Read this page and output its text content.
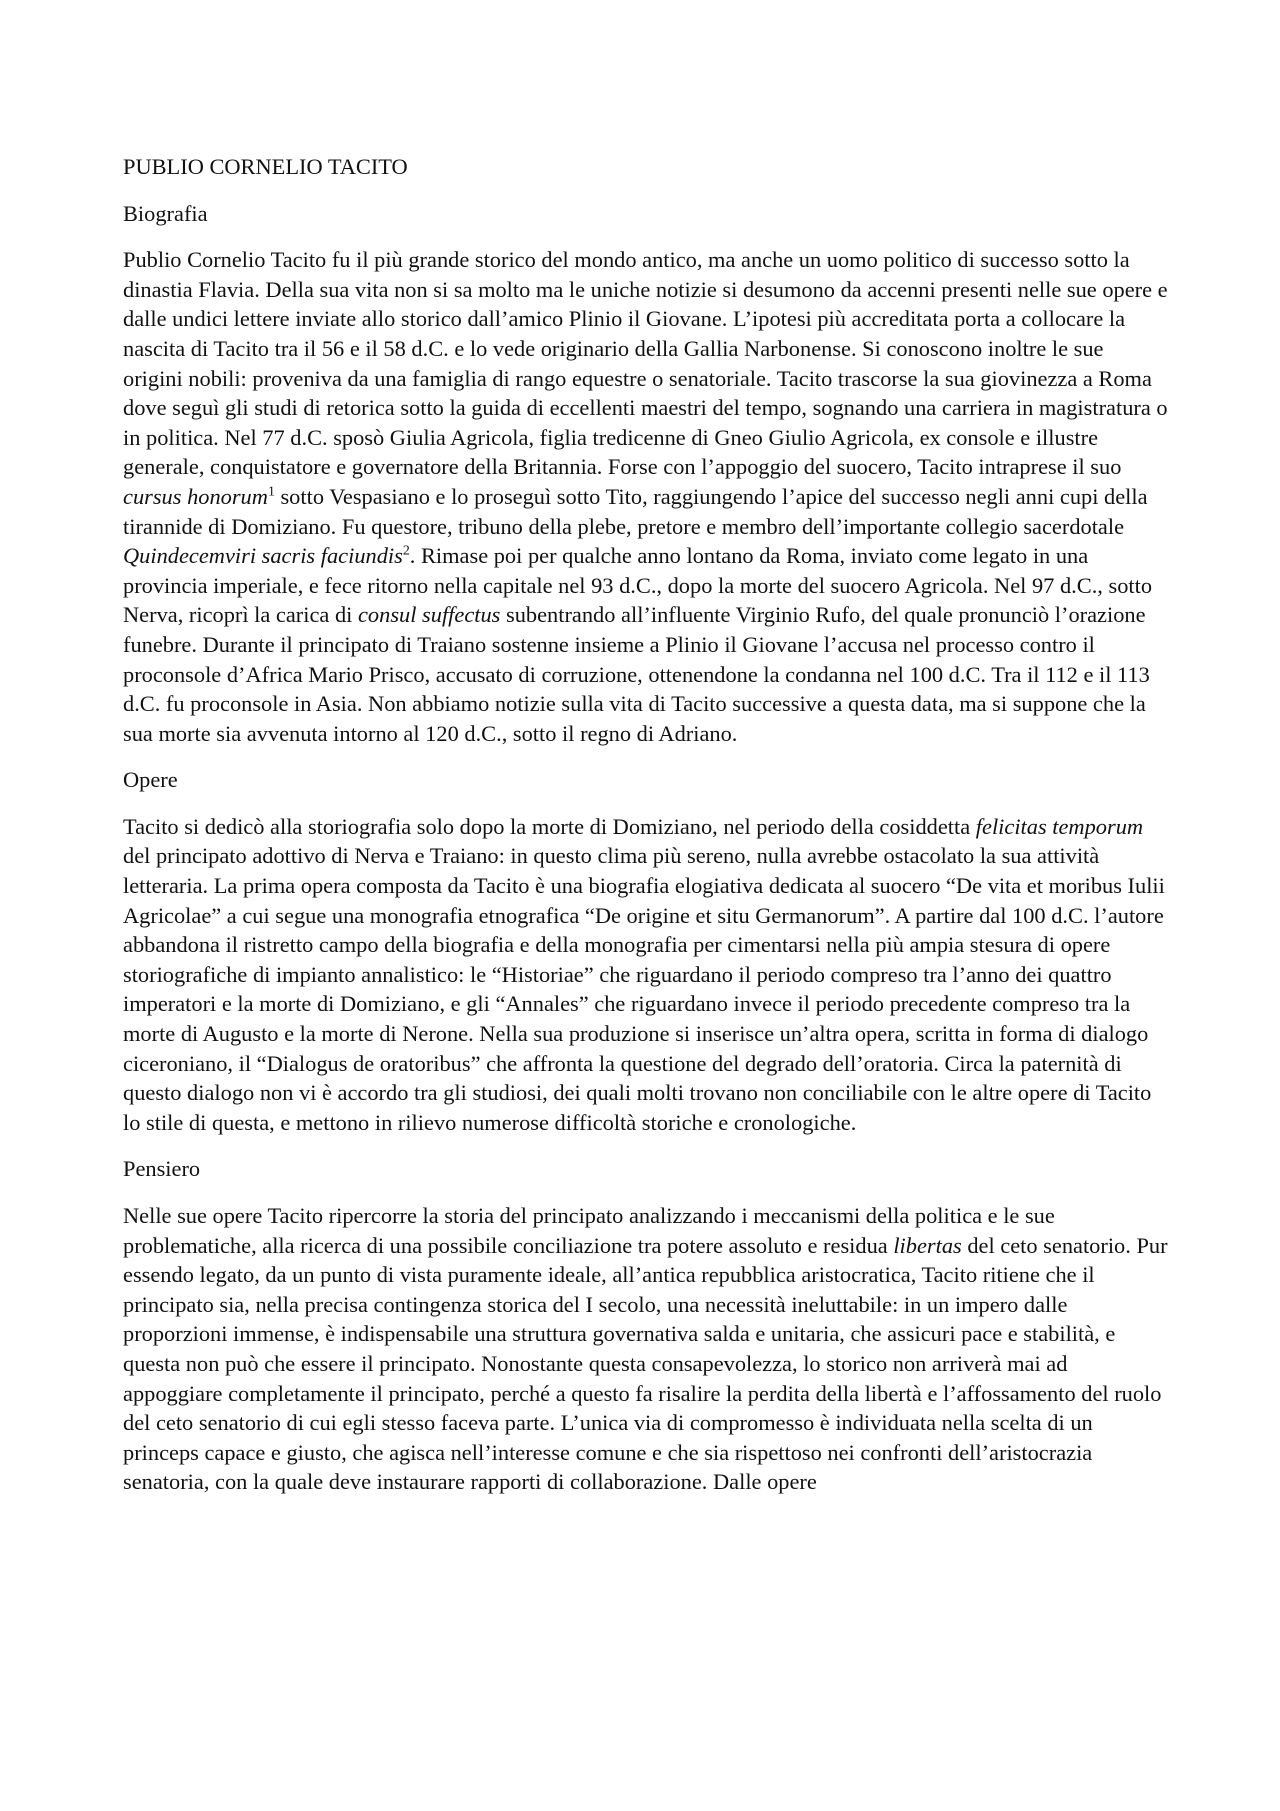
PUBLIO CORNELIO TACITO

Biografia

Publio Cornelio Tacito fu il più grande storico del mondo antico, ma anche un uomo politico di successo sotto la dinastia Flavia. Della sua vita non si sa molto ma le uniche notizie si desumono da accenni presenti nelle sue opere e dalle undici lettere inviate allo storico dall’amico Plinio il Giovane. L’ipotesi più accreditata porta a collocare la nascita di Tacito tra il 56 e il 58 d.C. e lo vede originario della Gallia Narbonense. Si conoscono inoltre le sue origini nobili: proveniva da una famiglia di rango equestre o senatoriale. Tacito trascorse la sua giovinezza a Roma dove seguì gli studi di retorica sotto la guida di eccellenti maestri del tempo, sognando una carriera in magistratura o in politica. Nel 77 d.C. sposò Giulia Agricola, figlia tredicenne di Gneo Giulio Agricola, ex console e illustre generale, conquistatore e governatore della Britannia. Forse con l’appoggio del suocero, Tacito intraprese il suo cursus honorum$^1$ sotto Vespasiano e lo proseguì sotto Tito, raggiungendo l’apice del successo negli anni cupi della tirannide di Domiziano. Fu questore, tribuno della plebe, pretore e membro dell’importante collegio sacerdotale Quindecemviri sacris faciundis$^2$. Rimase poi per qualche anno lontano da Roma, inviato come legato in una provincia imperiale, e fece ritorno nella capitale nel 93 d.C., dopo la morte del suocero Agricola. Nel 97 d.C., sotto Nerva, ricoprì la carica di consul suffectus subentrando all’influente Virginio Rufo, del quale pronunciò l’orazione funebre. Durante il principato di Traiano sostenne insieme a Plinio il Giovane l’accusa nel processo contro il proconsole d’Africa Mario Prisco, accusato di corruzione, ottenendone la condanna nel 100 d.C. Tra il 112 e il 113 d.C. fu proconsole in Asia. Non abbiamo notizie sulla vita di Tacito successive a questa data, ma si suppone che la sua morte sia avvenuta intorno al 120 d.C., sotto il regno di Adriano.

Opere

Tacito si dedicò alla storiografia solo dopo la morte di Domiziano, nel periodo della cosiddetta felicitas temporum del principato adottivo di Nerva e Traiano: in questo clima più sereno, nulla avrebbe ostacolato la sua attività letteraria. La prima opera composta da Tacito è una biografia elogiativa dedicata al suocero “De vita et moribus Iulii Agricolae” a cui segue una monografia etnografica “De origine et situ Germanorum”. A partire dal 100 d.C. l’autore abbandona il ristretto campo della biografia e della monografia per cimentarsi nella più ampia stesura di opere storiografiche di impianto annalistico: le “Historiae” che riguardano il periodo compreso tra l’anno dei quattro imperatori e la morte di Domiziano, e gli “Annales” che riguardano invece il periodo precedente compreso tra la morte di Augusto e la morte di Nerone. Nella sua produzione si inserisce un’altra opera, scritta in forma di dialogo ciceroniano, il “Dialogus de oratoribus” che affronta la questione del degrado dell’oratoria. Circa la paternità di questo dialogo non vi è accordo tra gli studiosi, dei quali molti trovano non conciliabile con le altre opere di Tacito lo stile di questa, e mettono in rilievo numerose difficoltà storiche e cronologiche.

Pensiero

Nelle sue opere Tacito ripercorre la storia del principato analizzando i meccanismi della politica e le sue problematiche, alla ricerca di una possibile conciliazione tra potere assoluto e residua libertas del ceto senatorio. Pur essendo legato, da un punto di vista puramente ideale, all’antica repubblica aristocratica, Tacito ritiene che il principato sia, nella precisa contingenza storica del I secolo, una necessità ineluttabile: in un impero dalle proporzioni immense, è indispensabile una struttura governativa salda e unitaria, che assicuri pace e stabilità, e questa non può che essere il principato. Nonostante questa consapevolezza, lo storico non arriverà mai ad appoggiare completamente il principato, perché a questo fa risalire la perdita della libertà e l’affossamento del ruolo del ceto senatorio di cui egli stesso faceva parte. L’unica via di compromesso è individuata nella scelta di un princeps capace e giusto, che agisca nell’interesse comune e che sia rispettoso nei confronti dell’aristocrazia senatoria, con la quale deve instaurare rapporti di collaborazione. Dalle opere
